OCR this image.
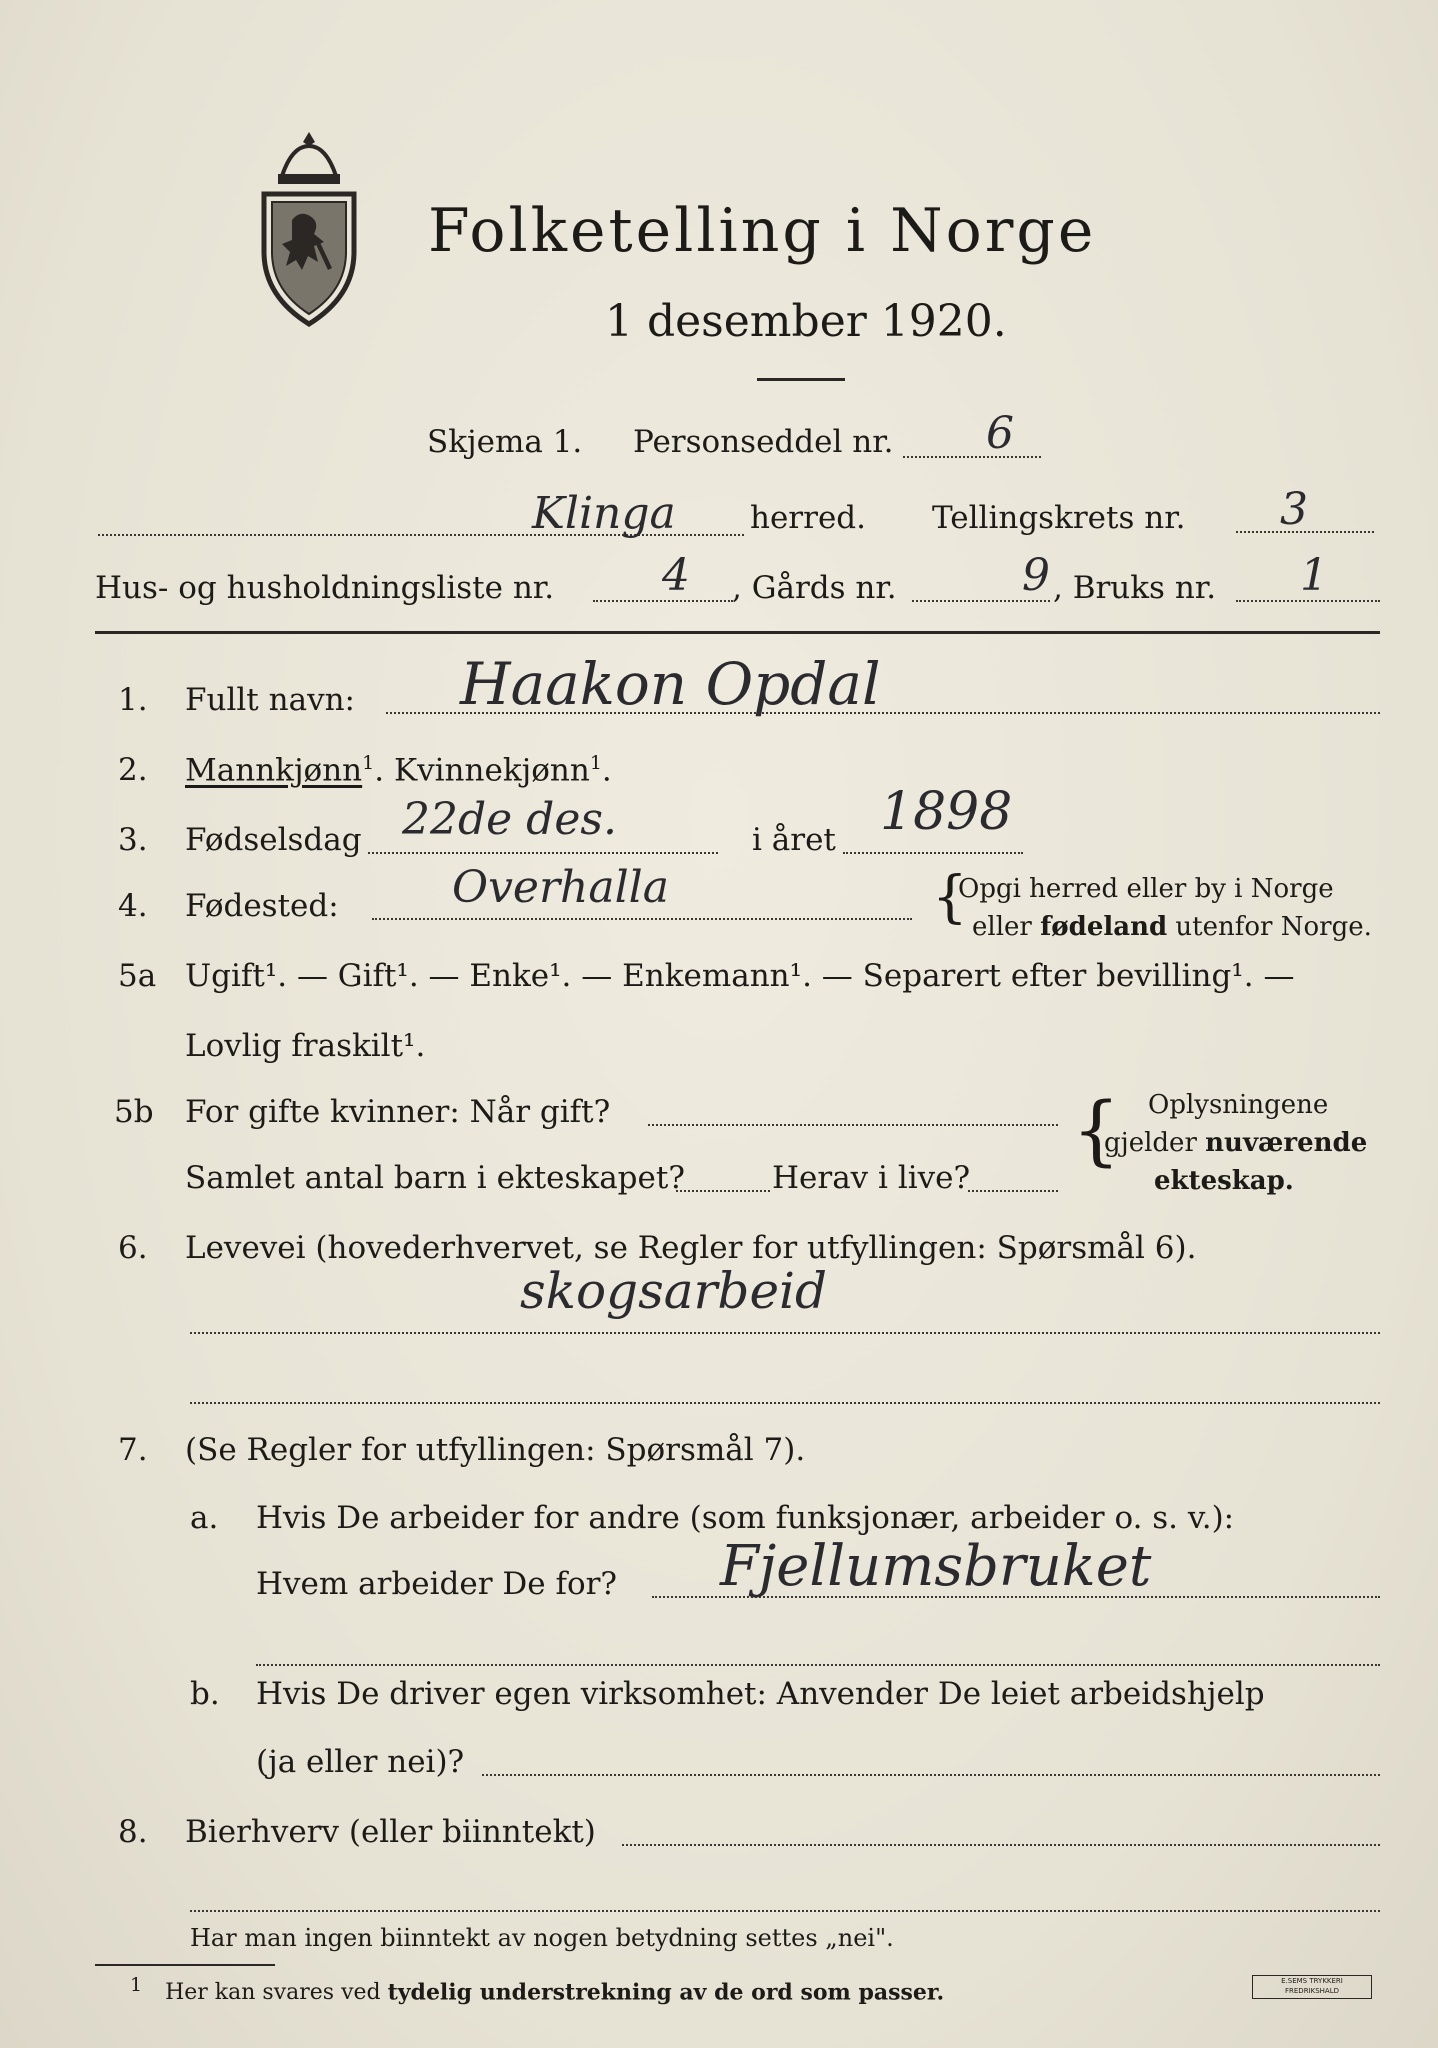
Folketelling i Norge
1 desember 1920.
Skjema 1. Personseddel nr. 6
Klinga herred. Tellingskrets nr. 3
Hus- og husholdningsliste nr. 4 , Gårds nr.	9 , Bruks nr. 1
1. Fullt navn: Haakon Opdal
2. Mannkjønn$^1$. Kvinnekjønn$^1$.
3. Fødselsdag 22de des.	i året 1898
4. Fødested:	Overhalla	{
Opgi herred eller by i Norge
eller fødeland utenfor Norge.
5a Ugift¹. — Gift¹. — Enke¹. — Enkemann¹. — Separert efter bevilling¹. —
Lovlig fraskilt¹.
5b For gifte kvinner: Når gift?
Samlet antal barn i ekteskapet?	Herav i live?
{ Oplysningene
gjelder nuværende
ekteskap.
6. Levevei (hovederhvervet, se Regler for utfyllingen: Spørsmål 6).
skogsarbeid
7. (Se Regler for utfyllingen: Spørsmål 7).
a. Hvis De arbeider for andre (som funksjonær, arbeider o. s. v.):
Hvem arbeider De for? Fjellumsbruket
b. Hvis De driver egen virksomhet: Anvender De leiet arbeidshjelp
(ja eller nei)?
8. Bierhverv (eller biinntekt)
Har man ingen biinntekt av nogen betydning settes „nei".
$^1$ Her kan svares ved tydelig understrekning av de ord som passer.	E.SEMS TRYKKERI
FREDRIKSHALD
